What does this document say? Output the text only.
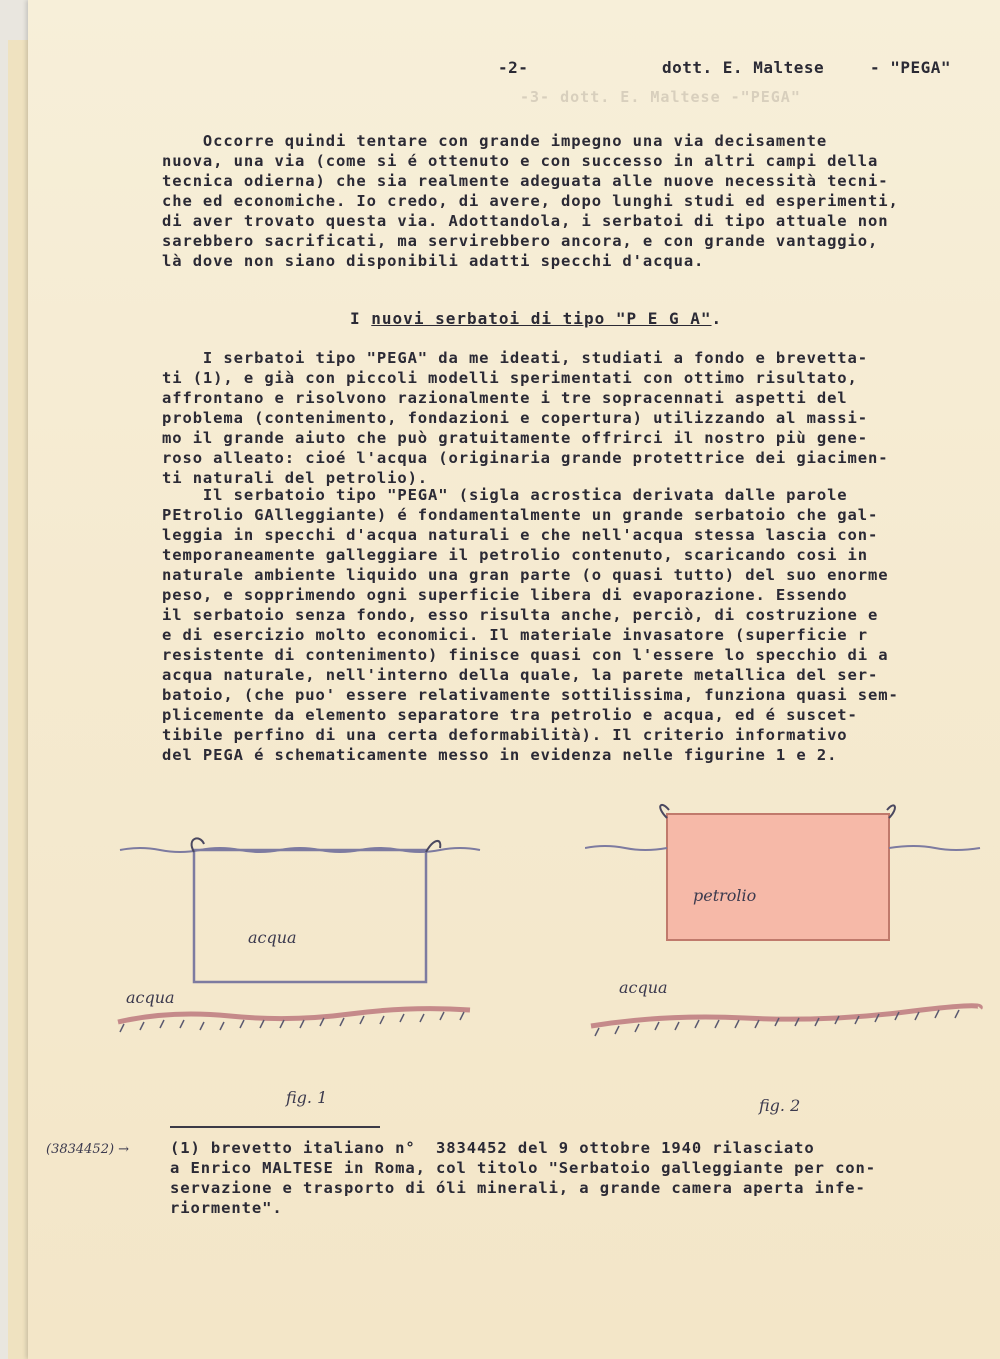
-2-	dott. E. Maltese	- "PEGA"
-3- dott. E. Maltese -"PEGA"
Occorre quindi tentare con grande impegno una via decisamente
nuova, una via (come si é ottenuto e con successo in altri campi della
tecnica odierna) che sia realmente adeguata alle nuove necessità tecni-
che ed economiche. Io credo, di avere, dopo lunghi studi ed esperimenti,
di aver trovato questa via. Adottandola, i serbatoi di tipo attuale non
sarebbero sacrificati, ma servirebbero ancora, e con grande vantaggio,
là dove non siano disponibili adatti specchi d'acqua.
I nuovi serbatoi di tipo "P E G A".
I serbatoi tipo "PEGA" da me ideati, studiati a fondo e brevetta-
ti (1), e già con piccoli modelli sperimentati con ottimo risultato,
affrontano e risolvono razionalmente i tre sopracennati aspetti del
problema (contenimento, fondazioni e copertura) utilizzando al massi-
mo il grande aiuto che può gratuitamente offrirci il nostro più gene-
roso alleato: cioé l'acqua (originaria grande protettrice dei giacimen-
ti naturali del petrolio).
Il serbatoio tipo "PEGA" (sigla acrostica derivata dalle parole
PEtrolio GAlleggiante) é fondamentalmente un grande serbatoio che gal-
leggia in specchi d'acqua naturali e che nell'acqua stessa lascia con-
temporaneamente galleggiare il petrolio contenuto, scaricando cosi in
naturale ambiente liquido una gran parte (o quasi tutto) del suo enorme
peso, e sopprimendo ogni superficie libera di evaporazione. Essendo
il serbatoio senza fondo, esso risulta anche, perciò, di costruzione e
e di esercizio molto economici. Il materiale invasatore (superficie r
resistente di contenimento) finisce quasi con l'essere lo specchio di a
acqua naturale, nell'interno della quale, la parete metallica del ser-
batoio, (che puo' essere relativamente sottilissima, funziona quasi sem-
plicemente da elemento separatore tra petrolio e acqua, ed é suscet-
tibile perfino di una certa deformabilità). Il criterio informativo
del PEGA é schematicamente messo in evidenza nelle figurine 1 e 2.
acqua
acqua
fig. 1
petrolio
acqua
fig. 2
(3834452) →	(1) brevetto italiano n°  3834452 del 9 ottobre 1940 rilasciato
a Enrico MALTESE in Roma, col titolo "Serbatoio galleggiante per con-
servazione e trasporto di óli minerali, a grande camera aperta infe-
riormente".
